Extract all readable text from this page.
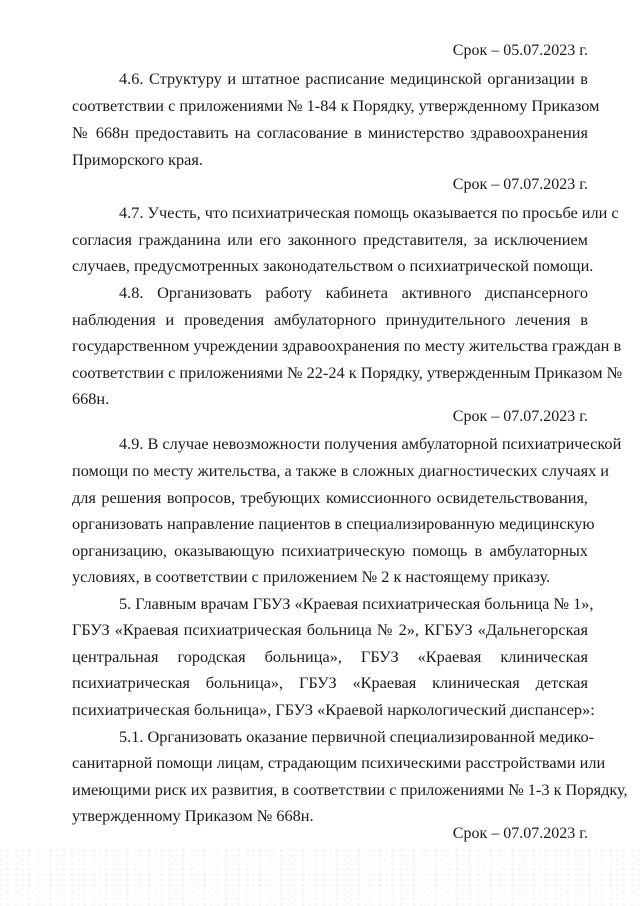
Срок – 05.07.2023 г.
4.6. Структуру и штатное расписание медицинской организации в
соответствии с приложениями № 1-84 к Порядку, утвержденному Приказом
№ 668н предоставить на согласование в министерство здравоохранения
Приморского края.
Срок – 07.07.2023 г.
4.7. Учесть, что психиатрическая помощь оказывается по просьбе или с
согласия гражданина или его законного представителя, за исключением
случаев, предусмотренных законодательством о психиатрической помощи.
4.8. Организовать работу кабинета активного диспансерного
наблюдения и проведения амбулаторного принудительного лечения в
государственном учреждении здравоохранения по месту жительства граждан в
соответствии с приложениями № 22-24 к Порядку, утвержденным Приказом №
668н.
Срок – 07.07.2023 г.
4.9. В случае невозможности получения амбулаторной психиатрической
помощи по месту жительства, а также в сложных диагностических случаях и
для решения вопросов, требующих комиссионного освидетельствования,
организовать направление пациентов в специализированную медицинскую
организацию, оказывающую психиатрическую помощь в амбулаторных
условиях, в соответствии с приложением № 2 к настоящему приказу.
5. Главным врачам ГБУЗ «Краевая психиатрическая больница № 1»,
ГБУЗ «Краевая психиатрическая больница № 2», КГБУЗ «Дальнегорская
центральная городская больница», ГБУЗ «Краевая клиническая
психиатрическая больница», ГБУЗ «Краевая клиническая детская
психиатрическая больница», ГБУЗ «Краевой наркологический диспансер»:
5.1. Организовать оказание первичной специализированной медико-
санитарной помощи лицам, страдающим психическими расстройствами или
имеющими риск их развития, в соответствии с приложениями № 1-3 к Порядку,
утвержденному Приказом № 668н.
Срок – 07.07.2023 г.
